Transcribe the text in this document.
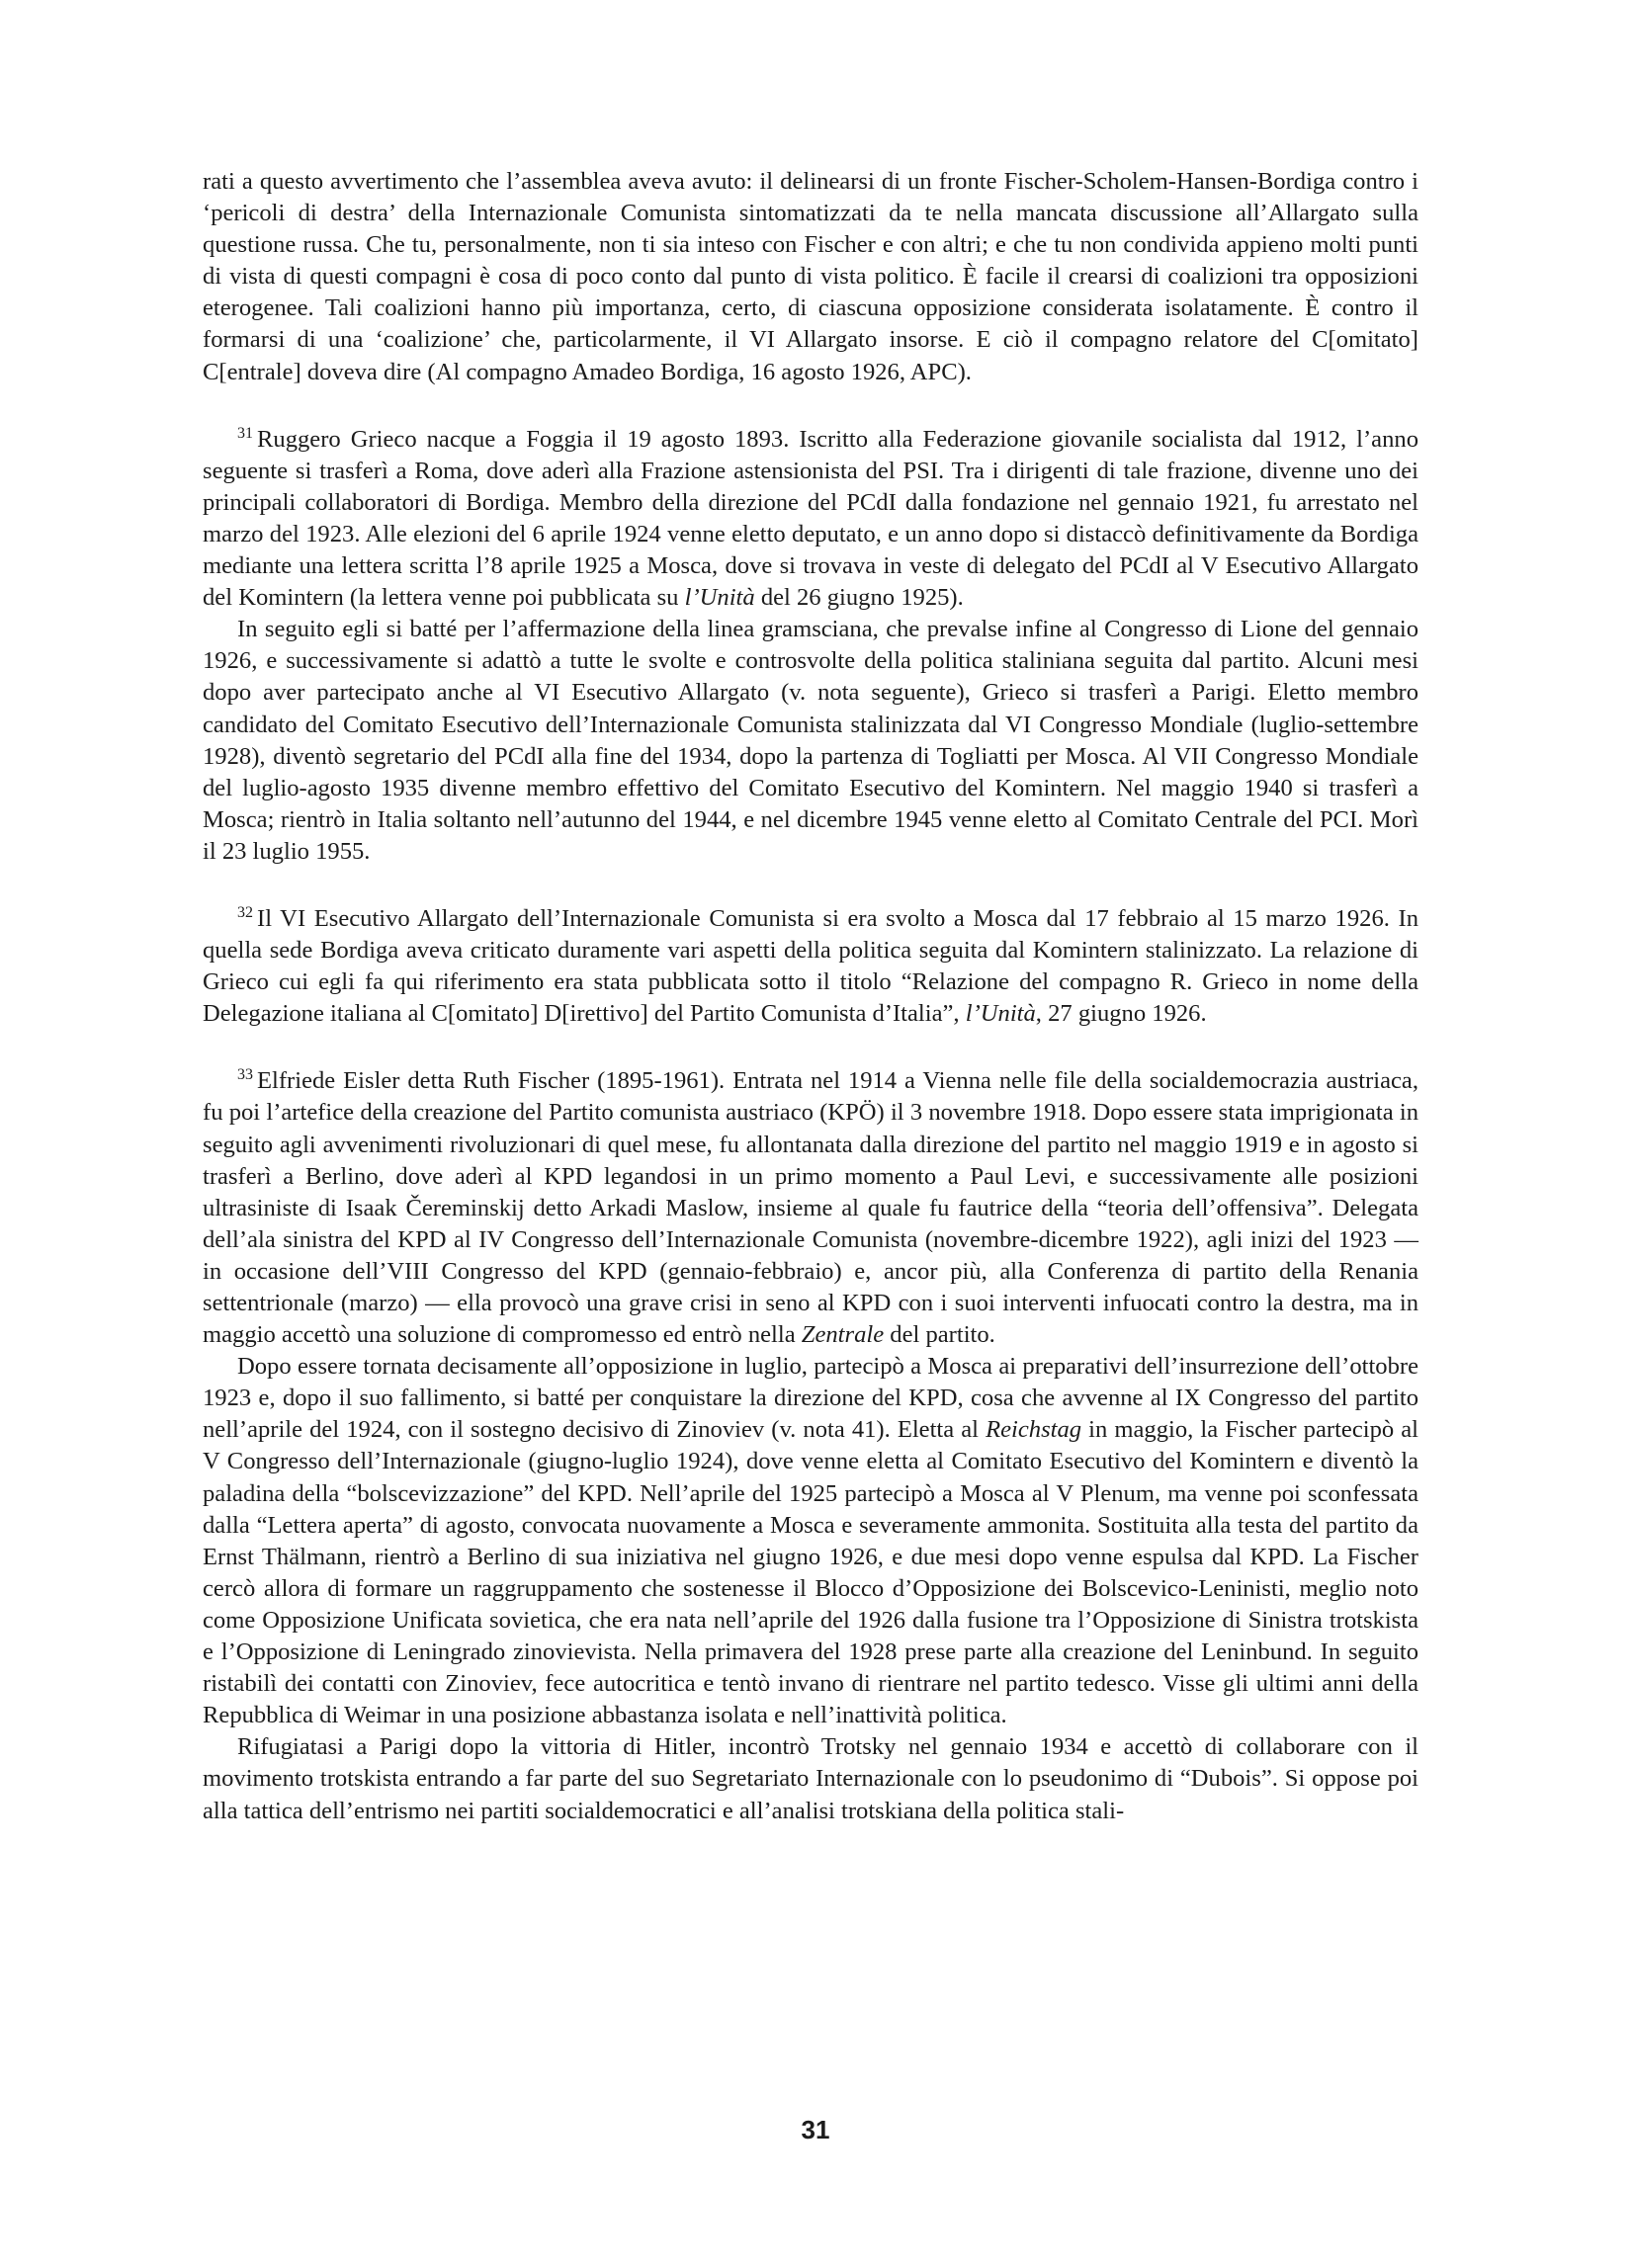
rati a questo avvertimento che l’assemblea aveva avuto: il delinearsi di un fronte Fischer-Scholem-Hansen-Bordiga contro i ‘pericoli di destra’ della Internazionale Comunista sintomatizzati da te nella mancata discussione all’Allargato sulla questione russa. Che tu, personalmente, non ti sia inteso con Fischer e con altri; e che tu non condivida appieno molti punti di vista di questi compagni è cosa di poco conto dal punto di vista politico. È facile il crearsi di coalizioni tra opposizioni eterogenee. Tali coalizioni hanno più importanza, certo, di ciascuna opposizione considerata isolatamente. È contro il formarsi di una ‘coalizione’ che, particolarmente, il VI Allargato insorse. E ciò il compagno relatore del C[omitato] C[entrale] doveva dire (Al compagno Amadeo Bordiga, 16 agosto 1926, APC).

$^{31}$ Ruggero Grieco nacque a Foggia il 19 agosto 1893. Iscritto alla Federazione giovanile socialista dal 1912, l’anno seguente si trasferì a Roma, dove aderì alla Frazione astensionista del PSI. Tra i dirigenti di tale frazione, divenne uno dei principali collaboratori di Bordiga. Membro della direzione del PCdI dalla fondazione nel gennaio 1921, fu arrestato nel marzo del 1923. Alle elezioni del 6 aprile 1924 venne eletto deputato, e un anno dopo si distaccò definitivamente da Bordiga mediante una lettera scritta l’8 aprile 1925 a Mosca, dove si trovava in veste di delegato del PCdI al V Esecutivo Allargato del Komintern (la lettera venne poi pubblicata su l’Unità del 26 giugno 1925).

In seguito egli si batté per l’affermazione della linea gramsciana, che prevalse infine al Congresso di Lione del gennaio 1926, e successivamente si adattò a tutte le svolte e controsvolte della politica staliniana seguita dal partito. Alcuni mesi dopo aver partecipato anche al VI Esecutivo Allargato (v. nota seguente), Grieco si trasferì a Parigi. Eletto membro candidato del Comitato Esecutivo dell’Internazionale Comunista stalinizzata dal VI Congresso Mondiale (luglio-settembre 1928), diventò segretario del PCdI alla fine del 1934, dopo la partenza di Togliatti per Mosca. Al VII Congresso Mondiale del luglio-agosto 1935 divenne membro effettivo del Comitato Esecutivo del Komintern. Nel maggio 1940 si trasferì a Mosca; rientrò in Italia soltanto nell’autunno del 1944, e nel dicembre 1945 venne eletto al Comitato Centrale del PCI. Morì il 23 luglio 1955.

$^{32}$ Il VI Esecutivo Allargato dell’Internazionale Comunista si era svolto a Mosca dal 17 febbraio al 15 marzo 1926. In quella sede Bordiga aveva criticato duramente vari aspetti della politica seguita dal Komintern stalinizzato. La relazione di Grieco cui egli fa qui riferimento era stata pubblicata sotto il titolo “Relazione del compagno R. Grieco in nome della Delegazione italiana al C[omitato] D[irettivo] del Partito Comunista d’Italia”, l’Unità, 27 giugno 1926.

$^{33}$ Elfriede Eisler detta Ruth Fischer (1895-1961). Entrata nel 1914 a Vienna nelle file della socialdemocrazia austriaca, fu poi l’artefice della creazione del Partito comunista austriaco (KPÖ) il 3 novembre 1918. Dopo essere stata imprigionata in seguito agli avvenimenti rivoluzionari di quel mese, fu allontanata dalla direzione del partito nel maggio 1919 e in agosto si trasferì a Berlino, dove aderì al KPD legandosi in un primo momento a Paul Levi, e successivamente alle posizioni ultrasiniste di Isaak Čereminskij detto Arkadi Maslow, insieme al quale fu fautrice della “teoria dell’offensiva”. Delegata dell’ala sinistra del KPD al IV Congresso dell’Internazionale Comunista (novembre-dicembre 1922), agli inizi del 1923 — in occasione dell’VIII Congresso del KPD (gennaio-febbraio) e, ancor più, alla Conferenza di partito della Renania settentrionale (marzo) — ella provocò una grave crisi in seno al KPD con i suoi interventi infuocati contro la destra, ma in maggio accettò una soluzione di compromesso ed entrò nella Zentrale del partito.

Dopo essere tornata decisamente all’opposizione in luglio, partecipò a Mosca ai preparativi dell’insurrezione dell’ottobre 1923 e, dopo il suo fallimento, si batté per conquistare la direzione del KPD, cosa che avvenne al IX Congresso del partito nell’aprile del 1924, con il sostegno decisivo di Zinoviev (v. nota 41). Eletta al Reichstag in maggio, la Fischer partecipò al V Congresso dell’Internazionale (giugno-luglio 1924), dove venne eletta al Comitato Esecutivo del Komintern e diventò la paladina della “bolscevizzazione” del KPD. Nell’aprile del 1925 partecipò a Mosca al V Plenum, ma venne poi sconfessata dalla “Lettera aperta” di agosto, convocata nuovamente a Mosca e severamente ammonita. Sostituita alla testa del partito da Ernst Thälmann, rientrò a Berlino di sua iniziativa nel giugno 1926, e due mesi dopo venne espulsa dal KPD. La Fischer cercò allora di formare un raggruppamento che sostenesse il Blocco d’Opposizione dei Bolscevico-Leninisti, meglio noto come Opposizione Unificata sovietica, che era nata nell’aprile del 1926 dalla fusione tra l’Opposizione di Sinistra trotskista e l’Opposizione di Leningrado zinovievista. Nella primavera del 1928 prese parte alla creazione del Leninbund. In seguito ristabilì dei contatti con Zinoviev, fece autocritica e tentò invano di rientrare nel partito tedesco. Visse gli ultimi anni della Repubblica di Weimar in una posizione abbastanza isolata e nell’inattività politica.

Rifugiatasi a Parigi dopo la vittoria di Hitler, incontrò Trotsky nel gennaio 1934 e accettò di collaborare con il movimento trotskista entrando a far parte del suo Segretariato Internazionale con lo pseudonimo di “Dubois”. Si oppose poi alla tattica dell’entrismo nei partiti socialdemocratici e all’analisi trotskiana della politica stali-

31
